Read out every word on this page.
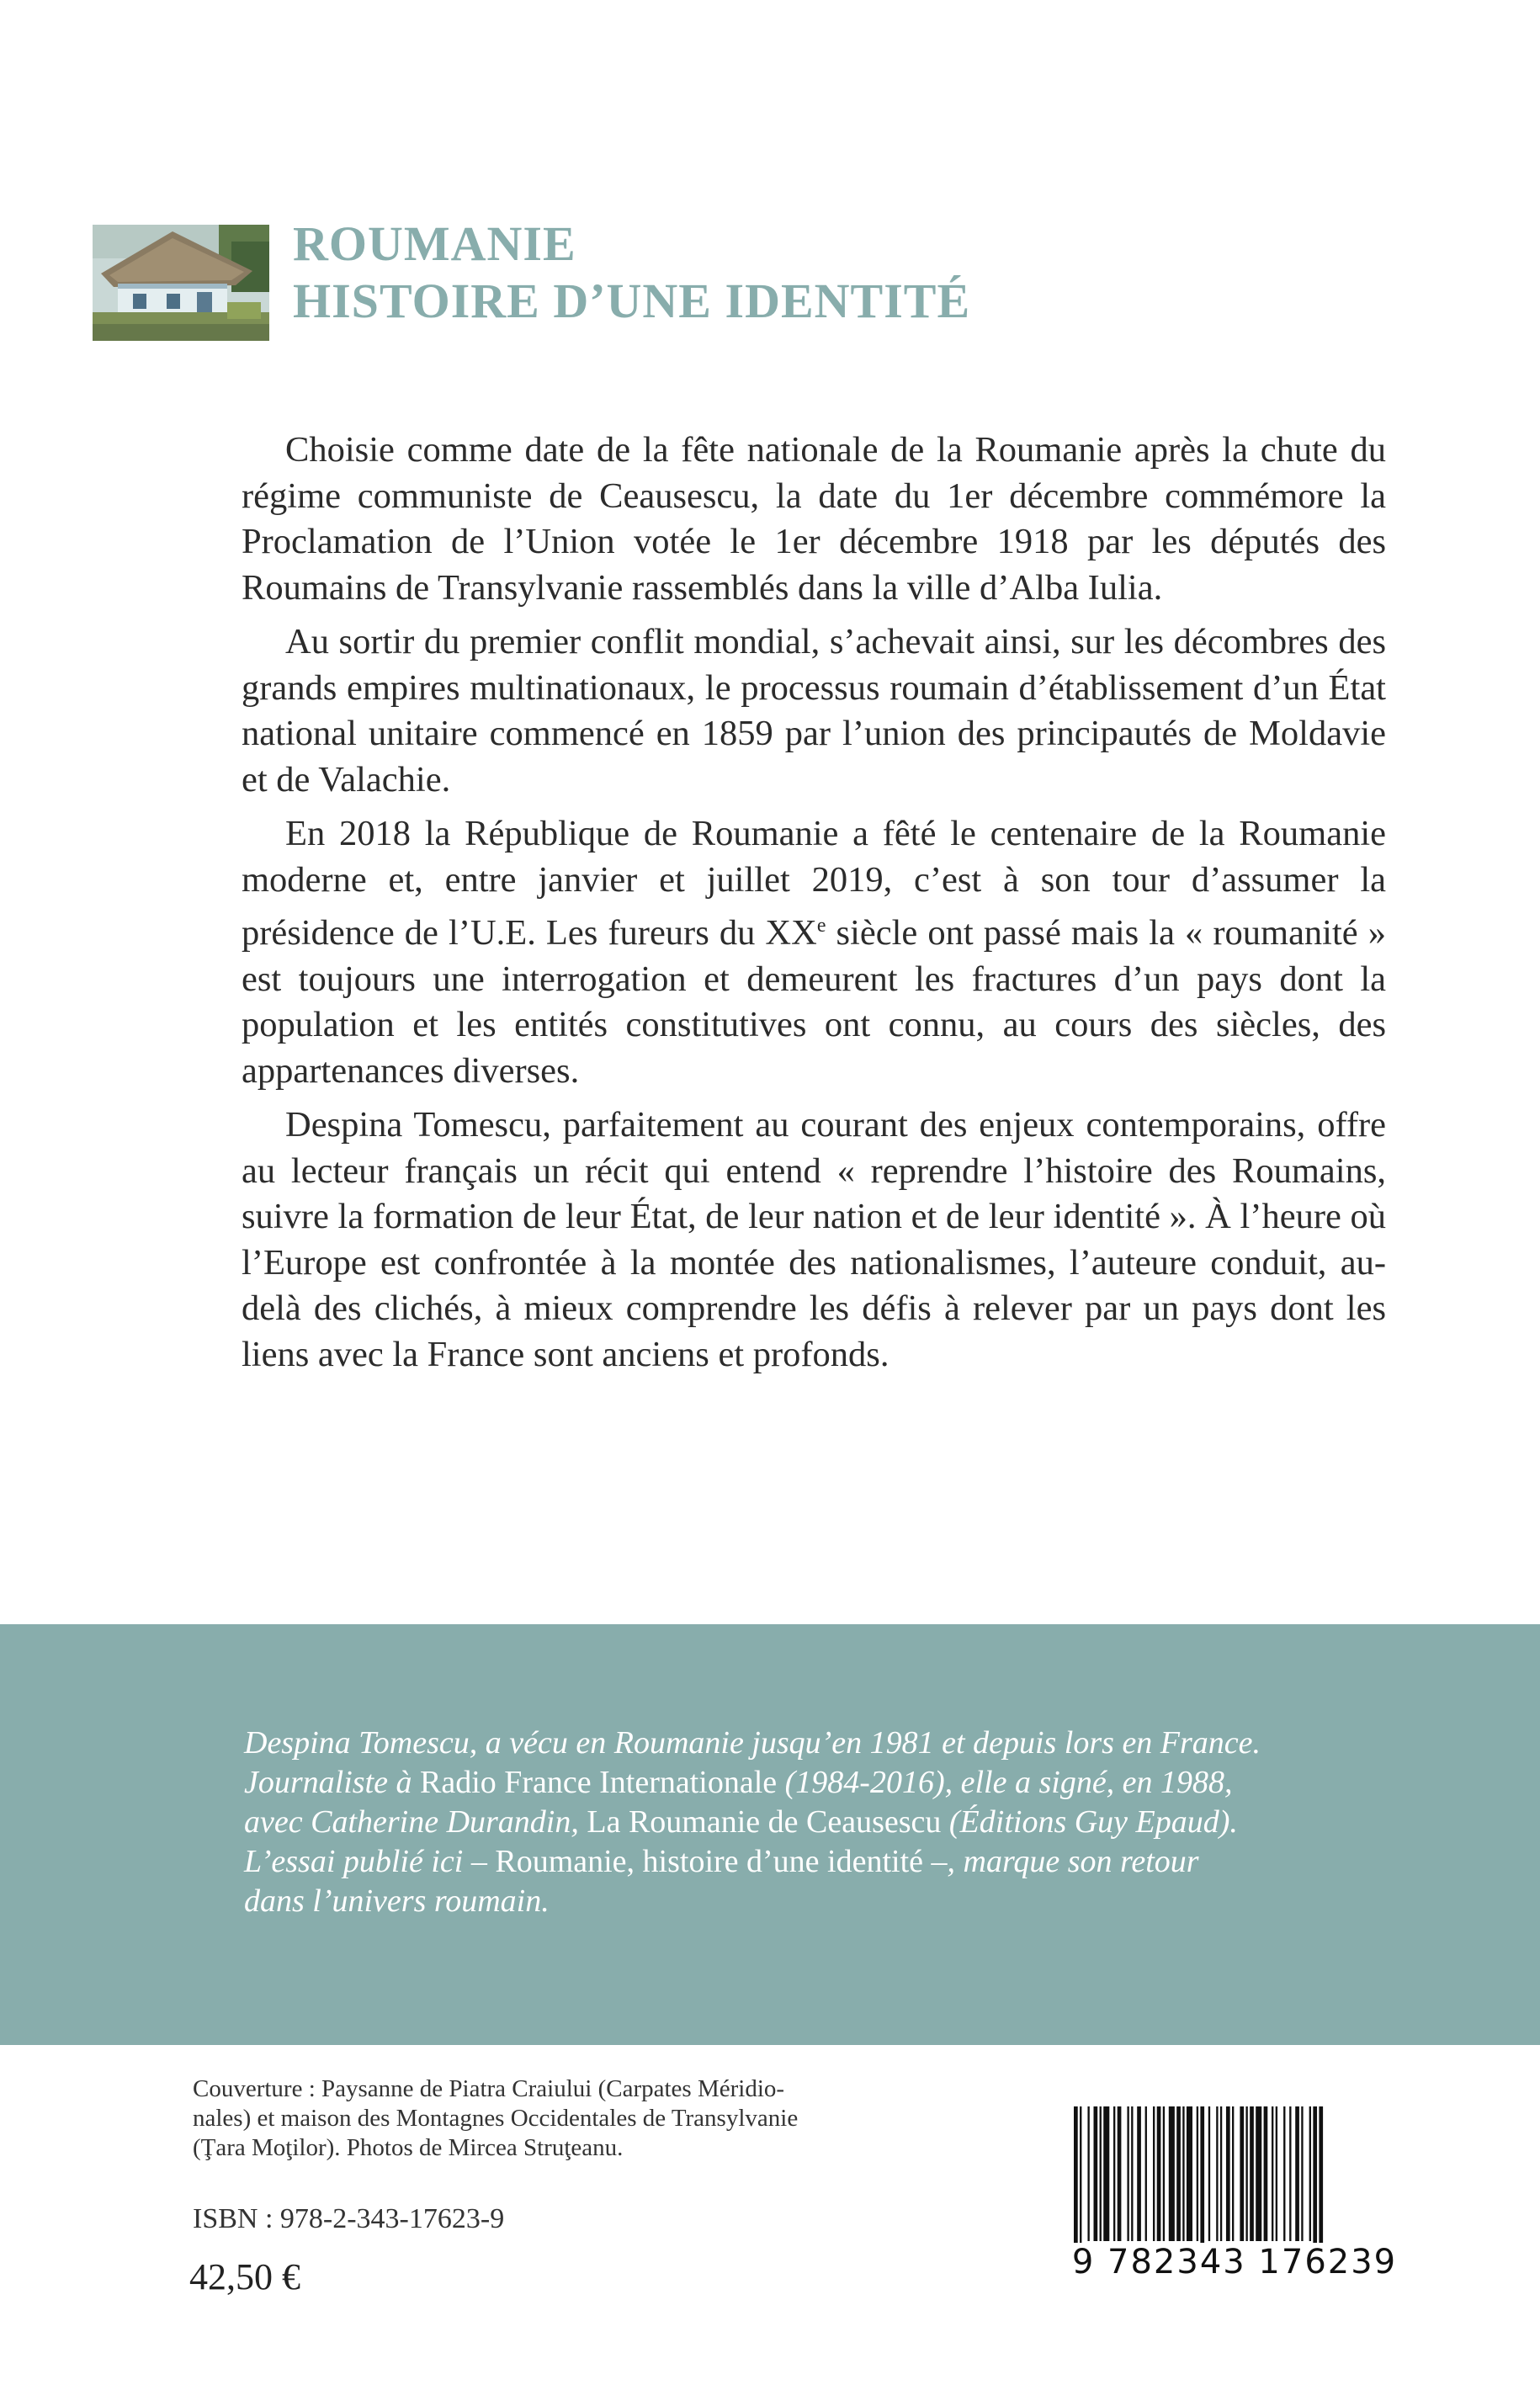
ROUMANIE
HISTOIRE D’UNE IDENTITÉ

Choisie comme date de la fête nationale de la Roumanie après la chute du régime communiste de Ceausescu, la date du 1er décembre commémore la Proclamation de l’Union votée le 1er décembre 1918 par les députés des Roumains de Transylvanie rassemblés dans la ville d’Alba Iulia.

Au sortir du premier conflit mondial, s’achevait ainsi, sur les décombres des grands empires multinationaux, le processus roumain d’établissement d’un État national unitaire commencé en 1859 par l’union des principautés de Moldavie et de Valachie.

En 2018 la République de Roumanie a fêté le centenaire de la Roumanie moderne et, entre janvier et juillet 2019, c’est à son tour d’assumer la présidence de l’U.E. Les fureurs du XXe siècle ont passé mais la « roumanité » est toujours une interrogation et demeurent les fractures d’un pays dont la population et les entités constitutives ont connu, au cours des siècles, des appartenances diverses.

Despina Tomescu, parfaitement au courant des enjeux contemporains, offre au lecteur français un récit qui entend « reprendre l’histoire des Roumains, suivre la formation de leur État, de leur nation et de leur identité ». À l’heure où l’Europe est confrontée à la montée des nationalismes, l’auteure conduit, au-delà des clichés, à mieux comprendre les défis à relever par un pays dont les liens avec la France sont anciens et profonds.

Despina Tomescu, a vécu en Roumanie jusqu’en 1981 et depuis lors en France.

Journaliste à Radio France Internationale (1984-2016), elle a signé, en 1988,

avec Catherine Durandin, La Roumanie de Ceausescu (Éditions Guy Epaud).

L’essai publié ici – Roumanie, histoire d’une identité –, marque son retour

dans l’univers roumain.

Couverture : Paysanne de Piatra Craiului (Carpates Méridio-

nales) et maison des Montagnes Occidentales de Transylvanie

(Ţara Moţilor). Photos de Mircea Struţeanu.

ISBN : 978-2-343-17623-9
42,50 €	9 782343 176239
